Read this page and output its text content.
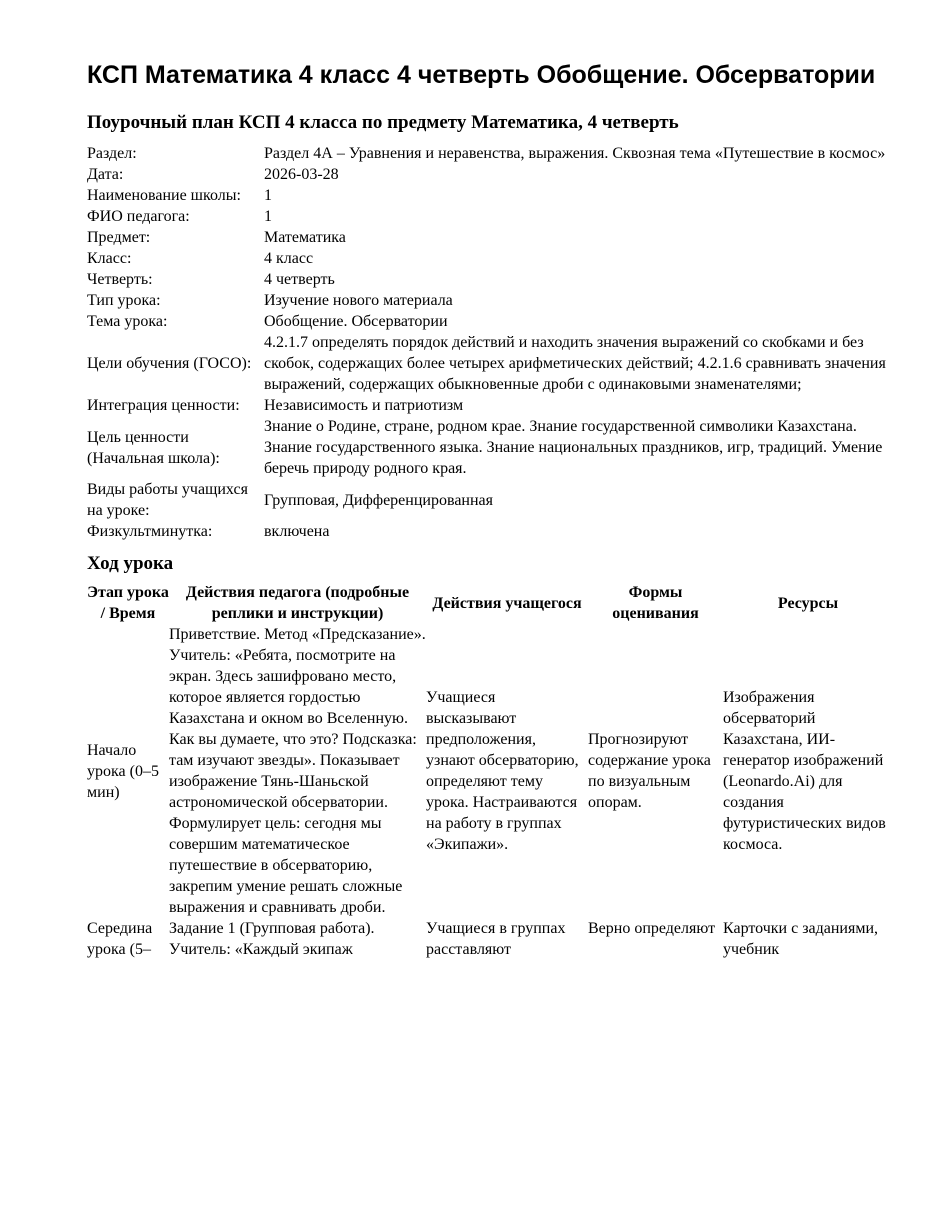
КСП Математика 4 класс 4 четверть Обобщение. Обсерватории
Поурочный план КСП 4 класса по предмету Математика, 4 четверть
Раздел:	Раздел 4А – Уравнения и неравенства, выражения. Сквозная тема «Путешествие в космос»
Дата:	2026-03-28
Наименование школы:	1
ФИО педагога:	1
Предмет:	Математика
Класс:	4 класс
Четверть:	4 четверть
Тип урока:	Изучение нового материала
Тема урока:	Обобщение. Обсерватории
Цели обучения (ГОСО):	4.2.1.7 определять порядок действий и находить значения выражений со скобками и без скобок, содержащих более четырех арифметических действий; 4.2.1.6 сравнивать значения выражений, содержащих обыкновенные дроби с одинаковыми знаменателями;
Интеграция ценности:	Независимость и патриотизм
Цель ценности (Начальная школа):	Знание о Родине, стране, родном крае. Знание государственной символики Казахстана. Знание государственного языка. Знание национальных праздников, игр, традиций. Умение беречь природу родного края.
Виды работы учащихся на уроке:	Групповая, Дифференцированная
Физкультминутка:	включена
Ход урока
Этап урока / Время	Действия педагога (подробные реплики и инструкции)	Действия учащегося	Формы оценивания	Ресурсы
Начало урока (0–5 мин)	Приветствие. Метод «Предсказание». Учитель: «Ребята, посмотрите на экран. Здесь зашифровано место, которое является гордостью Казахстана и окном во Вселенную. Как вы думаете, что это? Подсказка: там изучают звезды». Показывает изображение Тянь-Шаньской астрономической обсерватории. Формулирует цель: сегодня мы совершим математическое путешествие в обсерваторию, закрепим умение решать сложные выражения и сравнивать дроби.	Учащиеся высказывают предположения, узнают обсерваторию, определяют тему урока. Настраиваются на работу в группах «Экипажи».	Прогнозируют содержание урока по визуальным опорам.	Изображения обсерваторий Казахстана, ИИ-генератор изображений (Leonardo.Ai) для создания футуристических видов космоса.
Середина урока (5–	Задание 1 (Групповая работа). Учитель: «Каждый экипаж	Учащиеся в группах расставляют	Верно определяют	Карточки с заданиями, учебник
